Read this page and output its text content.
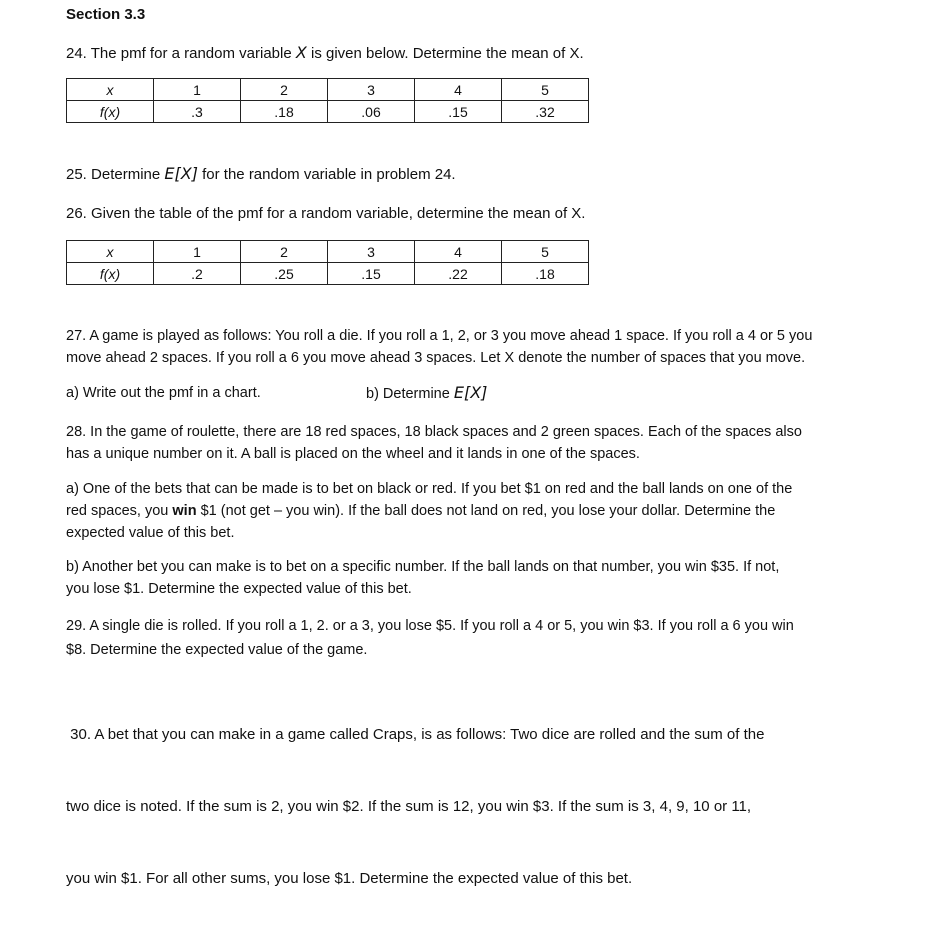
Section 3.3

24. The pmf for a random variable X is given below. Determine the mean of X.

x	1	2	3	4	5
f(x)	.3	.18	.06	.15	.32

25. Determine E[X] for the random variable in problem 24.

26. Given the table of the pmf for a random variable, determine the mean of X.

x	1	2	3	4	5
f(x)	.2	.25	.15	.22	.18
27. A game is played as follows: You roll a die. If you roll a 1, 2, or 3 you move ahead 1 space. If you roll a 4 or 5 you
move ahead 2 spaces. If you roll a 6 you move ahead 3 spaces. Let X denote the number of spaces that you move.
a) Write out the pmf in a chart.	b) Determine E[X]
28. In the game of roulette, there are 18 red spaces, 18 black spaces and 2 green spaces. Each of the spaces also
has a unique number on it. A ball is placed on the wheel and it lands in one of the spaces.
a) One of the bets that can be made is to bet on black or red. If you bet $1 on red and the ball lands on one of the
red spaces, you win $1 (not get – you win). If the ball does not land on red, you lose your dollar. Determine the
expected value of this bet.
b) Another bet you can make is to bet on a specific number. If the ball lands on that number, you win $35. If not,
you lose $1. Determine the expected value of this bet.
29. A single die is rolled. If you roll a 1, 2. or a 3, you lose $5. If you roll a 4 or 5, you win $3. If you roll a 6 you win
$8. Determine the expected value of the game.

30. A bet that you can make in a game called Craps, is as follows: Two dice are rolled and the sum of the

two dice is noted. If the sum is 2, you win $2. If the sum is 12, you win $3. If the sum is 3, 4, 9, 10 or 11,

you win $1. For all other sums, you lose $1. Determine the expected value of this bet.
